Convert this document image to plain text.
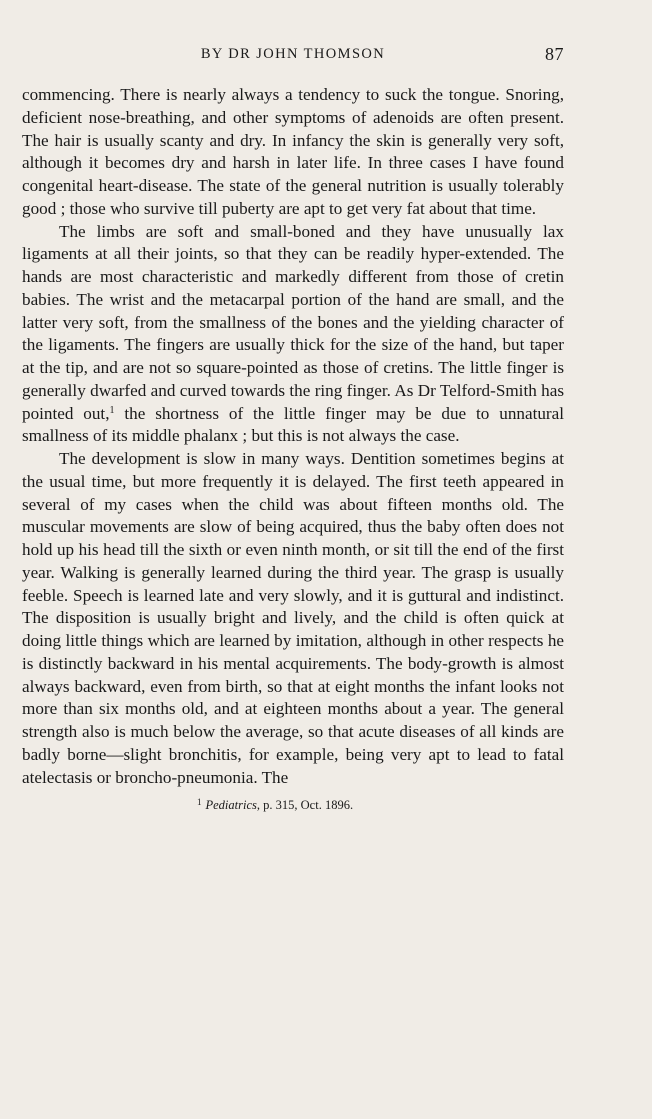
BY DR JOHN THOMSON	87

commencing. There is nearly always a tendency to suck the tongue. Snoring, deficient nose-breathing, and other symptoms of adenoids are often present. The hair is usually scanty and dry. In infancy the skin is generally very soft, although it becomes dry and harsh in later life. In three cases I have found congenital heart-disease. The state of the general nutrition is usually tolerably good ; those who survive till puberty are apt to get very fat about that time.

The limbs are soft and small-boned and they have unusually lax ligaments at all their joints, so that they can be readily hyper-extended. The hands are most characteristic and markedly different from those of cretin babies. The wrist and the metacarpal portion of the hand are small, and the latter very soft, from the smallness of the bones and the yielding character of the ligaments. The fingers are usually thick for the size of the hand, but taper at the tip, and are not so square-pointed as those of cretins. The little finger is generally dwarfed and curved towards the ring finger. As Dr Telford-Smith has pointed out,$^1$ the shortness of the little finger may be due to unnatural smallness of its middle phalanx ; but this is not always the case.

The development is slow in many ways. Dentition sometimes begins at the usual time, but more frequently it is delayed. The first teeth appeared in several of my cases when the child was about fifteen months old. The muscular movements are slow of being acquired, thus the baby often does not hold up his head till the sixth or even ninth month, or sit till the end of the first year. Walking is generally learned during the third year. The grasp is usually feeble. Speech is learned late and very slowly, and it is guttural and indistinct. The disposition is usually bright and lively, and the child is often quick at doing little things which are learned by imitation, although in other respects he is distinctly backward in his mental acquirements. The body-growth is almost always backward, even from birth, so that at eight months the infant looks not more than six months old, and at eighteen months about a year. The general strength also is much below the average, so that acute diseases of all kinds are badly borne—slight bronchitis, for example, being very apt to lead to fatal atelectasis or broncho-pneumonia. The

$^1$ Pediatrics, p. 315, Oct. 1896.
